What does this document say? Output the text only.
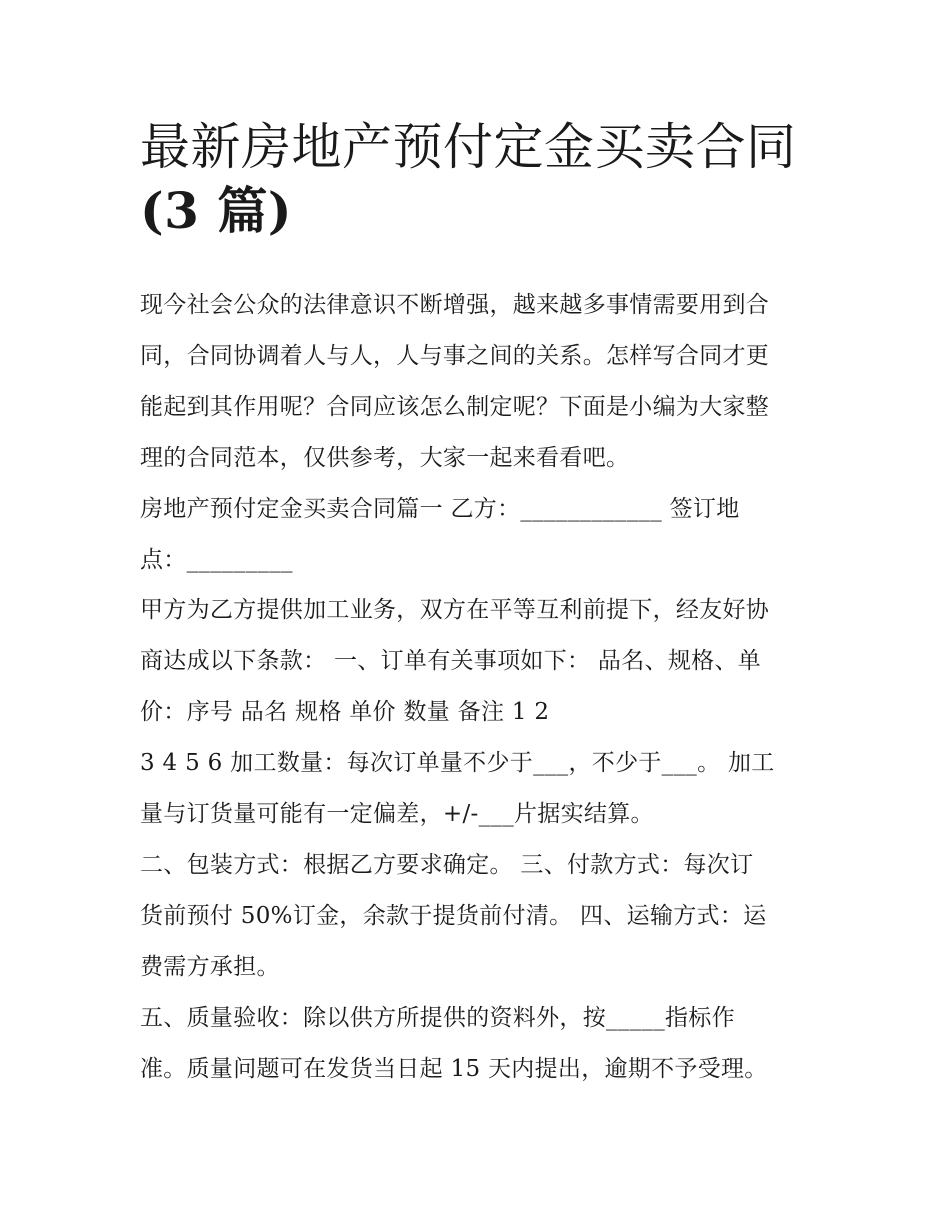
最新房地产预付定金买卖合同
(3 篇)
现今社会公众的法律意识不断增强，越来越多事情需要用到合
同，合同协调着人与人，人与事之间的关系。怎样写合同才更
能起到其作用呢？合同应该怎么制定呢？下面是小编为大家整
理的合同范本，仅供参考，大家一起来看看吧。
房地产预付定金买卖合同篇一 乙方：____________ 签订地
点：_________
甲方为乙方提供加工业务，双方在平等互利前提下，经友好协
商达成以下条款： 一、订单有关事项如下： 品名、规格、单
价：序号 品名 规格 单价 数量 备注 1 2
3 4 5 6 加工数量：每次订单量不少于___，不少于___。 加工
量与订货量可能有一定偏差，+/-___片据实结算。
二、包装方式：根据乙方要求确定。 三、付款方式：每次订
货前预付 50%订金，余款于提货前付清。 四、运输方式：运
费需方承担。
五、质量验收：除以供方所提供的资料外，按_____指标作
准。质量问题可在发货当日起 15 天内提出，逾期不予受理。
